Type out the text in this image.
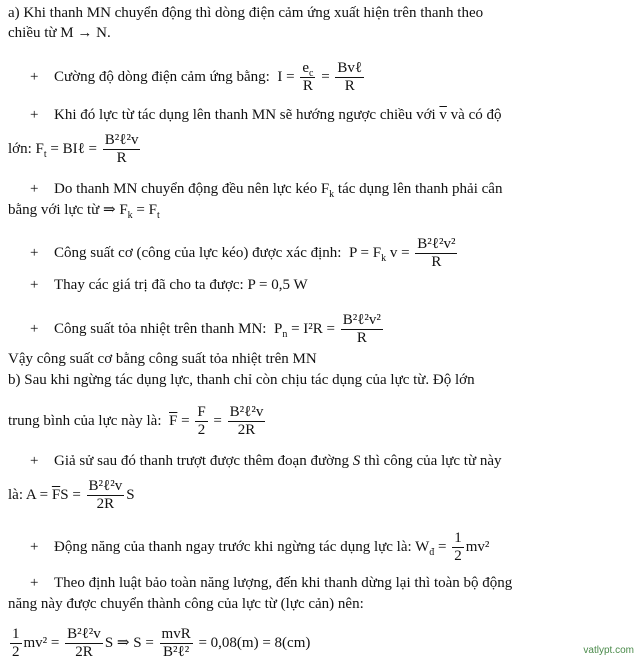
a) Khi thanh MN chuyển động thì dòng điện cảm ứng xuất hiện trên thanh theo
chiều từ M → N.
+ Cường độ dòng điện cảm ứng bằng: $I = \frac{e_c}{R} = \frac{\text{Bvℓ}}{R}$
+ Khi đó lực từ tác dụng lên thanh MN sẽ hướng ngược chiều với $\overline{v}$ và có độ
lớn: $F_t$ = BIℓ = $\frac{\text{B²ℓ²v}}{R}$
+ Do thanh MN chuyển động đều nên lực kéo $F_k$ tác dụng lên thanh phải cân
bằng với lực từ ⇒ $F_k = F_t$
+ Công suất cơ (công của lực kéo) được xác định: $P = F_k$ $v = \frac{\text{B²ℓ²v²}}{R}$
+ Thay các giá trị đã cho ta được: P = 0,5 W
+ Công suất tỏa nhiệt trên thanh MN: $P_n = I^2R = \frac{\text{B²ℓ²v²}}{R}$
Vậy công suất cơ bằng công suất tỏa nhiệt trên MN
b) Sau khi ngừng tác dụng lực, thanh chỉ còn chịu tác dụng của lực từ. Độ lớn
trung bình của lực này là: $\overline{F} = \frac{F}{2} = \frac{\text{B²ℓ²v}}{2R}$
+ Giả sử sau đó thanh trượt được thêm đoạn đường S thì công của lực từ này
là: $A = \overline{F}S = \frac{\text{B²ℓ²v}}{2R}$ S
+ Động năng của thanh ngay trước khi ngừng tác dụng lực là: $W_đ = \frac{1}{2} mv^2$
+ Theo định luật bảo toàn năng lượng, đến khi thanh dừng lại thì toàn bộ động
năng này được chuyển thành công của lực từ (lực cản) nên:
$\frac{1}{2} mv^2 = \frac{\text{B²ℓ²v}}{2R}$ S ⇒ $S = \frac{\text{mvR}}{\text{B²ℓ²}} = 0,08(m) = 8(cm)$	vatlypt.com
